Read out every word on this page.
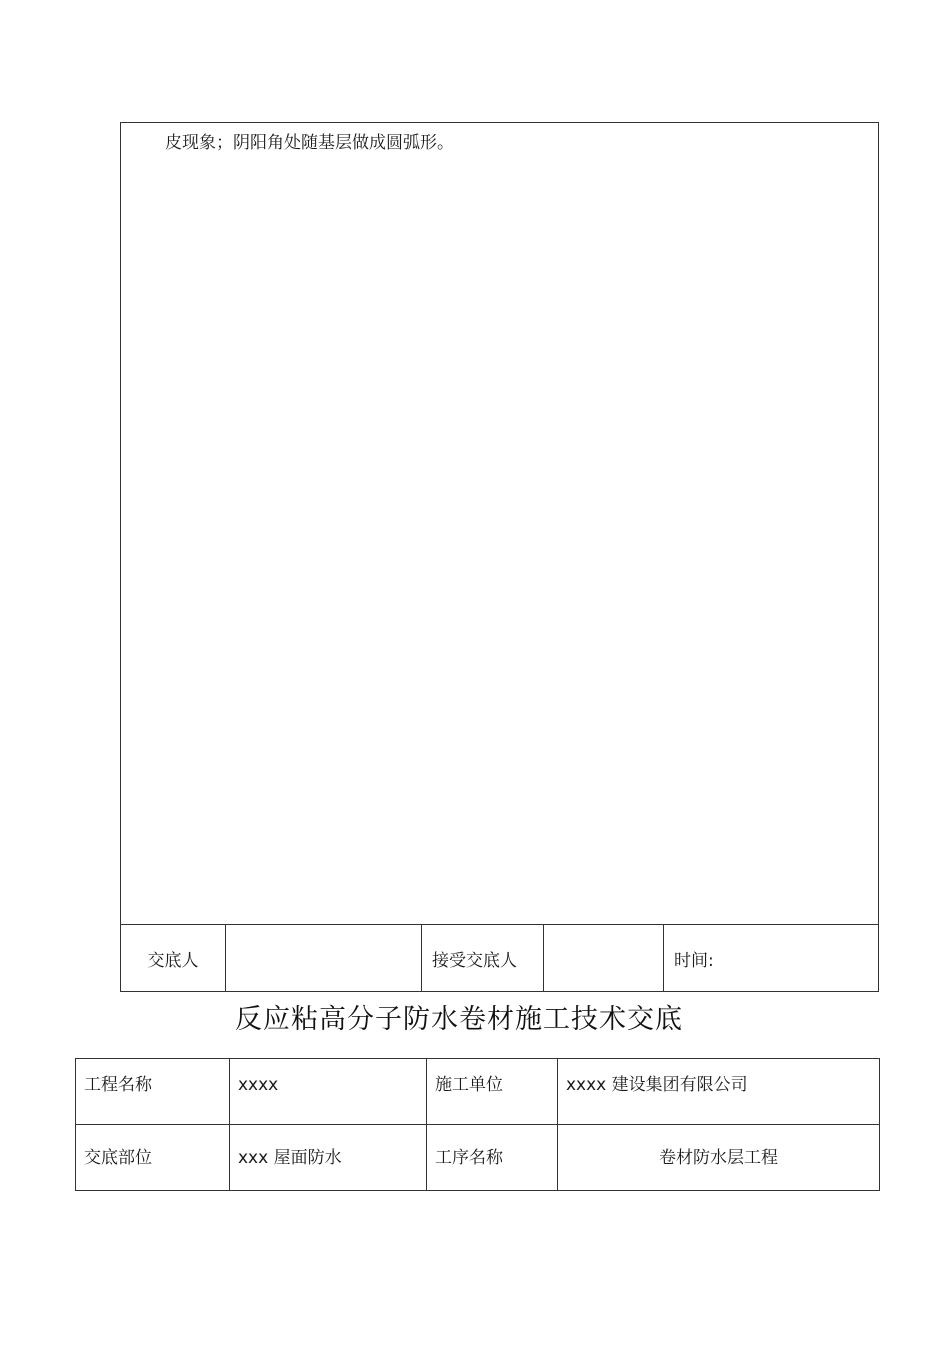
皮现象；阴阳角处随基层做成圆弧形。

交底人		接受交底人		时间:
反应粘高分子防水卷材施工技术交底
工程名称	xxxx	施工单位	xxxx 建设集团有限公司
交底部位	xxx 屋面防水	工序名称	卷材防水层工程
